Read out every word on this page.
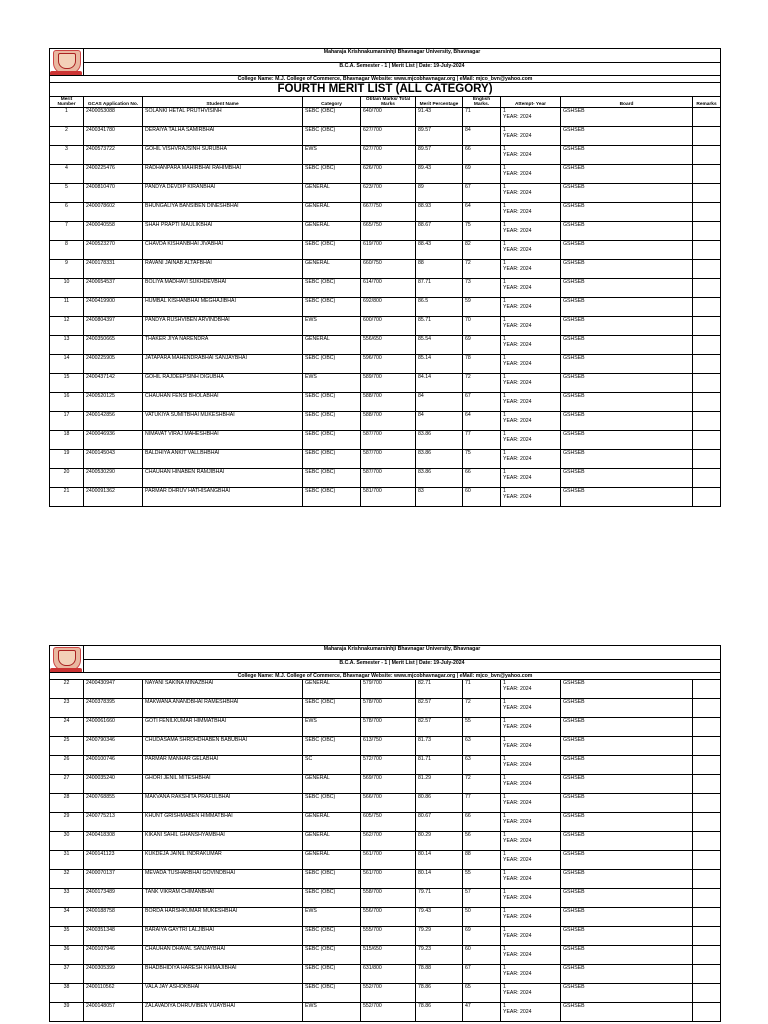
	Maharaja Krishnakumarsinhji Bhavnagar University, Bhavnagar								
	B.C.A. Semester - 1 | Merit List | Date: 19-July-2024								
College Name: M.J. College of Commerce, Bhavnagar Website: www.mjcobhavnagar.org | eMail: mjco_bvn@yahoo.com									
FOURTH MERIT LIST (ALL CATEGORY)									
Merit Number	GCAS Application No.	Student Name	Category	Obtain Marks/ Total Marks	Merit Percentage	English Marks.	Attempt- Year	Board	Remarks
1	2400053088	SOLANKI HETAL PRUTHVISINH	SEBC (OBC)	640/700	91.43	71	1
YEAR: 2024	GSHSEB	
2	2400341780	DERAIYA TALHA SAMIRBHAI	SEBC (OBC)	627/700	89.57	84	1
YEAR: 2024	GSHSEB	
3	2400573722	GOHIL VISHVRAJSINH SURUBHA	EWS	627/700	89.57	66	1
YEAR: 2024	GSHSEB	
4	2400225476	RADHANPARA MAHIRBHAI RAHIMBHAI	SEBC (OBC)	626/700	89.43	69	1
YEAR: 2024	GSHSEB	
5	2400810470	PANDYA DEVDIP KIRANBHAI	GENERAL	623/700	89	67	1
YEAR: 2024	GSHSEB	
6	2400078602	BHUNGALIYA BANSIBEN DINESHBHAI	GENERAL	667/750	88.93	64	1
YEAR: 2024	GSHSEB	
7	2400040558	SHAH PRAPTI MAULIKBHAI	GENERAL	665/750	88.67	75	1
YEAR: 2024	GSHSEB	
8	2400523270	CHAVDA KISHANBHAI JIVABHAI	SEBC (OBC)	619/700	88.43	82	1
YEAR: 2024	GSHSEB	
9	2400178331	RAVANI JAINAB ALTAFBHAI	GENERAL	660/750	88	72	1
YEAR: 2024	GSHSEB	
10	2400654537	BOLIYA MADHAVI SUKHDEVBHAI	SEBC (OBC)	614/700	87.71	73	1
YEAR: 2024	GSHSEB	
11	2400419900	HUMBAL KISHANBHAI MEGHAJIBHAI	SEBC (OBC)	692/800	86.5	59	1
YEAR: 2024	GSHSEB	
12	2400804397	PANDYA RUSHVIBEN ARVINDBHAI	EWS	600/700	85.71	70	1
YEAR: 2024	GSHSEB	
13	2400350665	THAKER JIYA NARENDRA	GENERAL	556/650	85.54	69	1
YEAR: 2024	GSHSEB	
14	2400225905	JATAPARA MAHENDRABHAI SANJAYBHAI	SEBC (OBC)	596/700	85.14	78	1
YEAR: 2024	GSHSEB	
15	2400437142	GOHIL RAJDEEPSINH DIGUBHA	EWS	589/700	84.14	72	1
YEAR: 2024	GSHSEB	
16	2400520125	CHAUHAN FENSI BHOLABHAI	SEBC (OBC)	588/700	84	67	1
YEAR: 2024	GSHSEB	
17	2400142856	VATUKIYA SUMITBHAI MUKESHBHAI	SEBC (OBC)	588/700	84	64	1
YEAR: 2024	GSHSEB	
18	2400046936	NIMAVAT VIRAJ MAHESHBHAI	SEBC (OBC)	587/700	83.86	77	1
YEAR: 2024	GSHSEB	
19	2400145043	BALDHIYA ANKIT VALLBHBHAI	SEBC (OBC)	587/700	83.86	75	1
YEAR: 2024	GSHSEB	
20	2400530290	CHAUHAN HINABEN RAMJIBHAI	SEBC (OBC)	587/700	83.86	66	1
YEAR: 2024	GSHSEB	
21	2400091362	PARMAR DHRUV HATHISANGBHAI	SEBC (OBC)	581/700	83	60	1
YEAR: 2024	GSHSEB	
	Maharaja Krishnakumarsinhji Bhavnagar University, Bhavnagar								
	B.C.A. Semester - 1 | Merit List | Date: 19-July-2024								
College Name: M.J. College of Commerce, Bhavnagar Website: www.mjcobhavnagar.org | eMail: mjco_bvn@yahoo.com									
22	2400430947	NAYANI SAKINA MINAZBHAI	GENERAL	579/700	82.71	71	1
YEAR: 2024	GSHSEB	
23	2400378395	MAKWANA ANANDBHAI RAMESHBHAI	SEBC (OBC)	578/700	82.57	72	1
YEAR: 2024	GSHSEB	
24	2400061660	GOTI FENILKUMAR HIMMATBHAI	EWS	578/700	82.57	55	1
YEAR: 2024	GSHSEB	
25	2400790346	CHUDASAMA SHRDHDHABEN BABUBHAI	SEBC (OBC)	613/750	81.73	63	1
YEAR: 2024	GSHSEB	
26	2400100746	PARMAR MANHAR GELABHAI	SC	572/700	81.71	63	1
YEAR: 2024	GSHSEB	
27	2400035240	GHORI JENIL MITESHBHAI	GENERAL	569/700	81.29	72	1
YEAR: 2024	GSHSEB	
28	2400768855	MAKVANA RAKSHITA PRAFULBHAI	SEBC (OBC)	566/700	80.86	77	1
YEAR: 2024	GSHSEB	
29	2400775213	KHUNT GRISHMABEN HIMMATBHAI	GENERAL	605/750	80.67	66	1
YEAR: 2024	GSHSEB	
30	2400418308	KIKANI SAHIL GHANSHYAMBHAI	GENERAL	562/700	80.29	56	1
YEAR: 2024	GSHSEB	
31	2400141123	KUKDEJA JAINIL INDRAKUMAR	GENERAL	561/700	80.14	88	1
YEAR: 2024	GSHSEB	
32	2400070137	MEVADA TUSHARBHAI GOVINDBHAI	SEBC (OBC)	561/700	80.14	55	1
YEAR: 2024	GSHSEB	
33	2400173489	TANK VIKRAM CHIMANBHAI	SEBC (OBC)	558/700	79.71	57	1
YEAR: 2024	GSHSEB	
34	2400188758	BORDA HARSHKUMAR MUKESHBHAI	EWS	556/700	79.43	50	1
YEAR: 2024	GSHSEB	
35	2400351348	BARAIYA GAYTRI LALJIBHAI	SEBC (OBC)	555/700	79.29	69	1
YEAR: 2024	GSHSEB	
36	2400107946	CHAUHAN DHAVAL SANJAYBHAI	SEBC (OBC)	515/650	79.23	60	1
YEAR: 2024	GSHSEB	
37	2400305399	BHADBHIDIYA HARESH KHIMAJIBHAI	SEBC (OBC)	631/800	78.88	67	1
YEAR: 2024	GSHSEB	
38	2400110562	VALA JAY ASHOKBHAI	SEBC (OBC)	552/700	78.86	65	1
YEAR: 2024	GSHSEB	
39	2400148057	ZALAVADIYA DHRUVIBEN VIJAYBHAI	EWS	552/700	78.86	47	1
YEAR: 2024	GSHSEB	
